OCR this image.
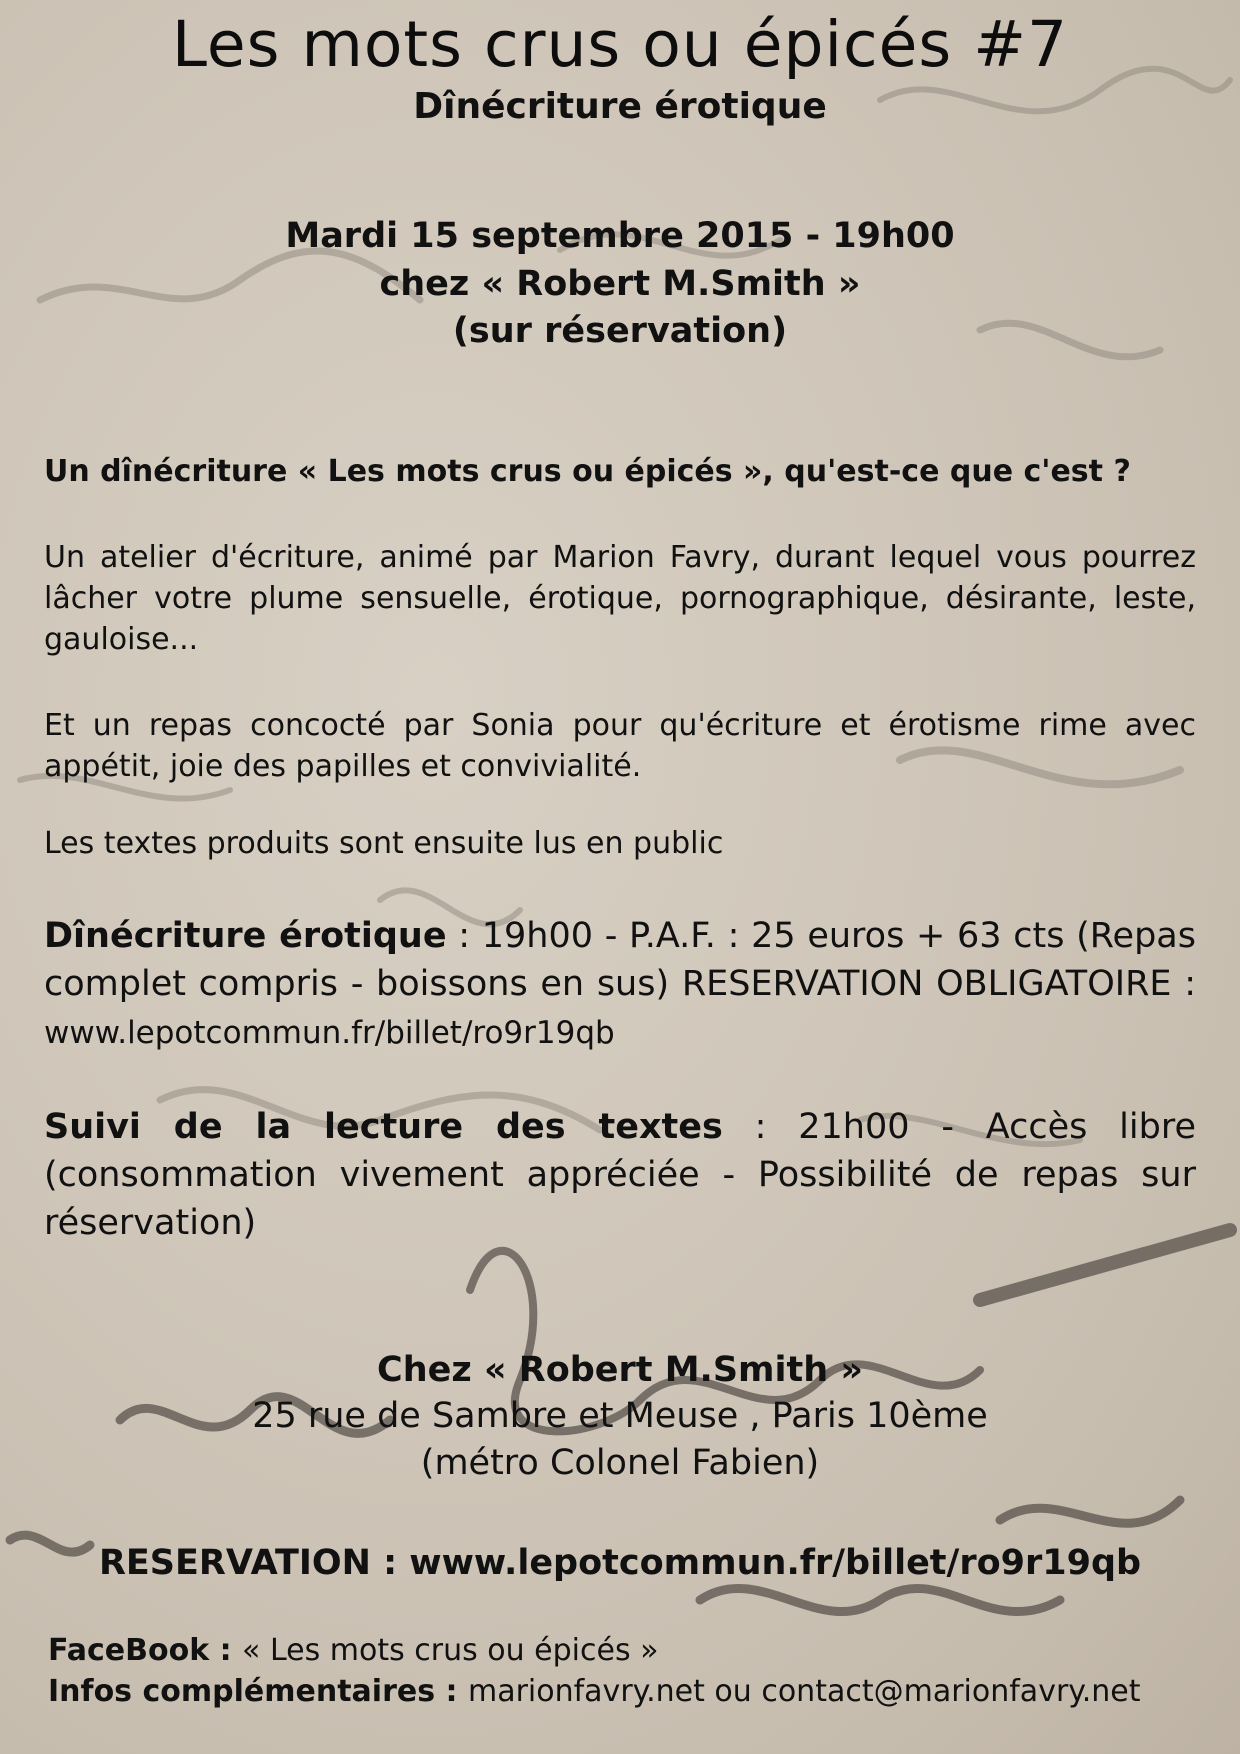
Les mots crus ou épicés #7
Dînécriture érotique
Mardi 15 septembre 2015 - 19h00
chez « Robert M.Smith »
(sur réservation)
Un dînécriture « Les mots crus ou épicés », qu'est-ce que c'est ?
Un atelier d'écriture, animé par Marion Favry, durant lequel vous pourrez lâcher votre plume sensuelle, érotique, pornographique, désirante, leste, gauloise...
Et un repas concocté par Sonia pour qu'écriture et érotisme rime avec appétit, joie des papilles et convivialité.
Les textes produits sont ensuite lus en public
Dînécriture érotique : 19h00 - P.A.F. : 25 euros + 63 cts (Repas complet compris - boissons en sus) RESERVATION OBLIGATOIRE : www.lepotcommun.fr/billet/ro9r19qb
Suivi de la lecture des textes : 21h00 - Accès libre (consommation vivement appréciée - Possibilité de repas sur réservation)
Chez « Robert M.Smith »
25 rue de Sambre et Meuse , Paris 10ème
(métro Colonel Fabien)
RESERVATION : www.lepotcommun.fr/billet/ro9r19qb
FaceBook : « Les mots crus ou épicés »
Infos complémentaires : marionfavry.net ou contact@marionfavry.net
